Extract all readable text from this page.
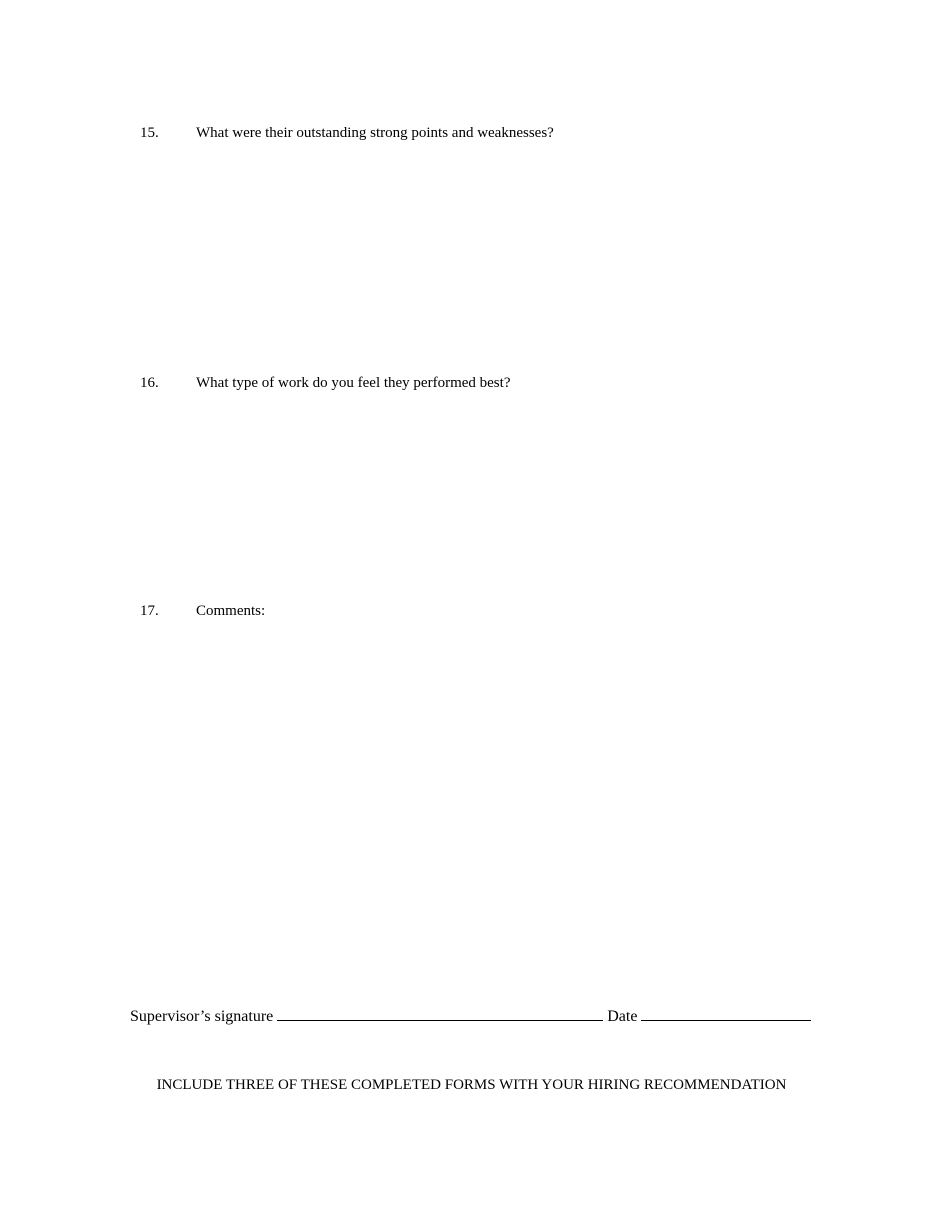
15. What were their outstanding strong points and weaknesses?
16. What type of work do you feel they performed best?
17. Comments:
Supervisor’s signature	Date
INCLUDE THREE OF THESE COMPLETED FORMS WITH YOUR HIRING RECOMMENDATION
